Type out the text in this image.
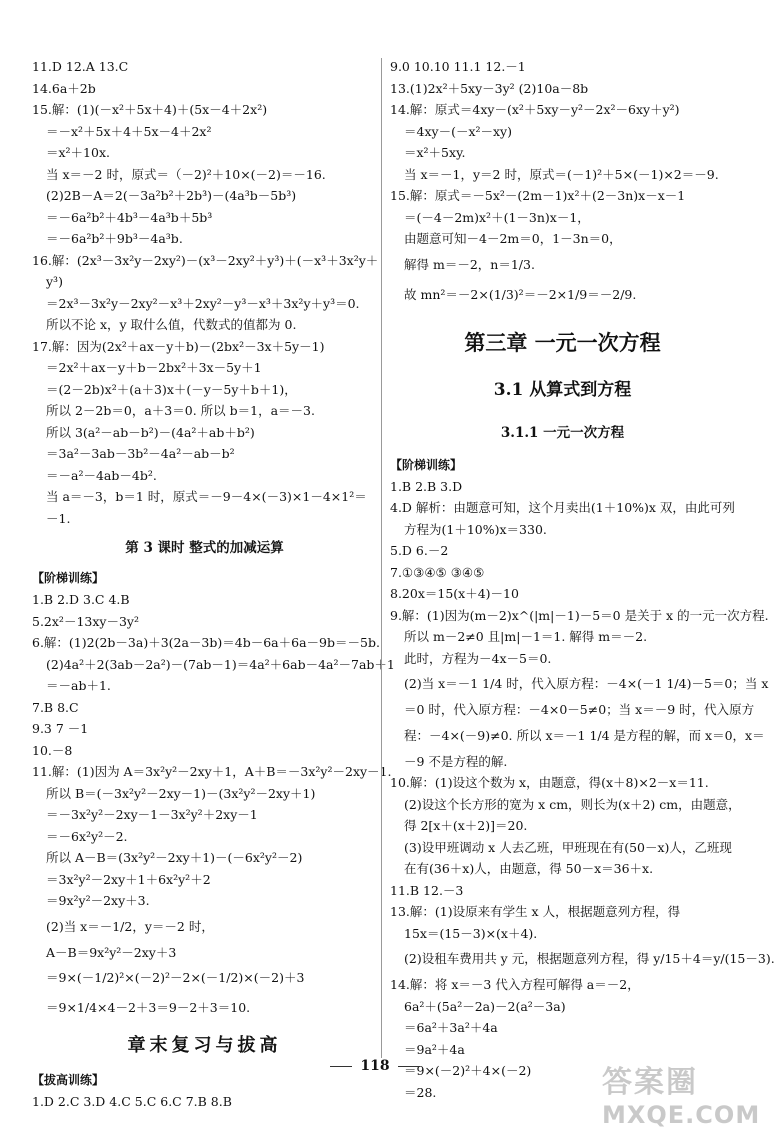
11.D 12.A 13.C
14.6a＋2b
15.解：(1)(－x²＋5x＋4)＋(5x－4＋2x²)
＝－x²＋5x＋4＋5x－4＋2x²
＝x²＋10x.
当 x＝－2 时，原式＝（－2)²＋10×(－2)＝－16.
(2)2B－A＝2(－3a²b²＋2b³)－(4a³b－5b³)
＝－6a²b²＋4b³－4a³b＋5b³
＝－6a²b²＋9b³－4a³b.
16.解：(2x³－3x²y－2xy²)－(x³－2xy²＋y³)＋(－x³＋3x²y＋
y³)
＝2x³－3x²y－2xy²－x³＋2xy²－y³－x³＋3x²y＋y³＝0.
所以不论 x，y 取什么值，代数式的值都为 0.
17.解：因为(2x²＋ax－y＋b)－(2bx²－3x＋5y－1)
＝2x²＋ax－y＋b－2bx²＋3x－5y＋1
＝(2－2b)x²＋(a＋3)x＋(－y－5y＋b＋1)，
所以 2－2b＝0，a＋3＝0. 所以 b＝1，a＝－3.
所以 3(a²－ab－b²)－(4a²＋ab＋b²)
＝3a²－3ab－3b²－4a²－ab－b²
＝－a²－4ab－4b².
当 a＝－3，b＝1 时，原式＝－9－4×(－3)×1－4×1²＝
－1.
第 3 课时 整式的加减运算
【阶梯训练】
1.B 2.D 3.C 4.B
5.2x²－13xy－3y²
6.解：(1)2(2b－3a)＋3(2a－3b)＝4b－6a＋6a－9b＝－5b.
(2)4a²＋2(3ab－2a²)－(7ab－1)＝4a²＋6ab－4a²－7ab＋1
＝－ab＋1.
7.B 8.C
9.3 7 －1
10.－8
11.解：(1)因为 A＝3x²y²－2xy＋1，A＋B＝－3x²y²－2xy－1.
所以 B＝(－3x²y²－2xy－1)－(3x²y²－2xy＋1)
＝－3x²y²－2xy－1－3x²y²＋2xy－1
＝－6x²y²－2.
所以 A－B＝(3x²y²－2xy＋1)－(－6x²y²－2)
＝3x²y²－2xy＋1＋6x²y²＋2
＝9x²y²－2xy＋3.
(2)当 x＝－1/2，y＝－2 时，
A－B＝9x²y²－2xy＋3
＝9×(－1/2)²×(－2)²－2×(－1/2)×(－2)＋3
＝9×1/4×4－2＋3＝9－2＋3＝10.
章末复习与拔高
【拔高训练】
1.D 2.C 3.D 4.C 5.C 6.C 7.B 8.B
9.0 10.10 11.1 12.－1
13.(1)2x²＋5xy－3y² (2)10a－8b
14.解：原式＝4xy－(x²＋5xy－y²－2x²－6xy＋y²)
＝4xy－(－x²－xy)
＝x²＋5xy.
当 x＝－1，y＝2 时，原式＝(－1)²＋5×(－1)×2＝－9.
15.解：原式＝－5x²－(2m－1)x²＋(2－3n)x－x－1
＝(－4－2m)x²＋(1－3n)x－1，
由题意可知－4－2m＝0，1－3n＝0，
解得 m＝－2，n＝1/3.
故 mn²＝－2×(1/3)²＝－2×1/9＝－2/9.
第三章 一元一次方程
3.1 从算式到方程
3.1.1 一元一次方程
【阶梯训练】
1.B 2.B 3.D
4.D 解析：由题意可知，这个月卖出(1＋10%)x 双，由此可列
方程为(1＋10%)x＝330.
5.D 6.－2
7.①③④⑤ ③④⑤
8.20x＝15(x＋4)－10
9.解：(1)因为(m－2)x^(|m|－1)－5＝0 是关于 x 的一元一次方程.
所以 m－2≠0 且|m|－1＝1. 解得 m＝－2.
此时，方程为－4x－5＝0.
(2)当 x＝－1 1/4 时，代入原方程：－4×(－1 1/4)－5＝0；当 x
＝0 时，代入原方程：－4×0－5≠0；当 x＝－9 时，代入原方
程：－4×(－9)≠0. 所以 x＝－1 1/4 是方程的解，而 x＝0，x＝
－9 不是方程的解.
10.解：(1)设这个数为 x，由题意，得(x＋8)×2－x＝11.
(2)设这个长方形的宽为 x cm，则长为(x＋2) cm，由题意，
得 2[x＋(x＋2)]＝20.
(3)设甲班调动 x 人去乙班，甲班现在有(50－x)人，乙班现
在有(36＋x)人，由题意，得 50－x＝36＋x.
11.B 12.－3
13.解：(1)设原来有学生 x 人，根据题意列方程，得
15x＝(15－3)×(x＋4).
(2)设租车费用共 y 元，根据题意列方程，得 y/15＋4＝y/(15－3).
14.解：将 x＝－3 代入方程可解得 a＝－2，
6a²＋(5a²－2a)－2(a²－3a)
＝6a²＋3a²＋4a
＝9a²＋4a
＝9×(－2)²＋4×(－2)
＝28.
118	答案圈
MXQE.COM
